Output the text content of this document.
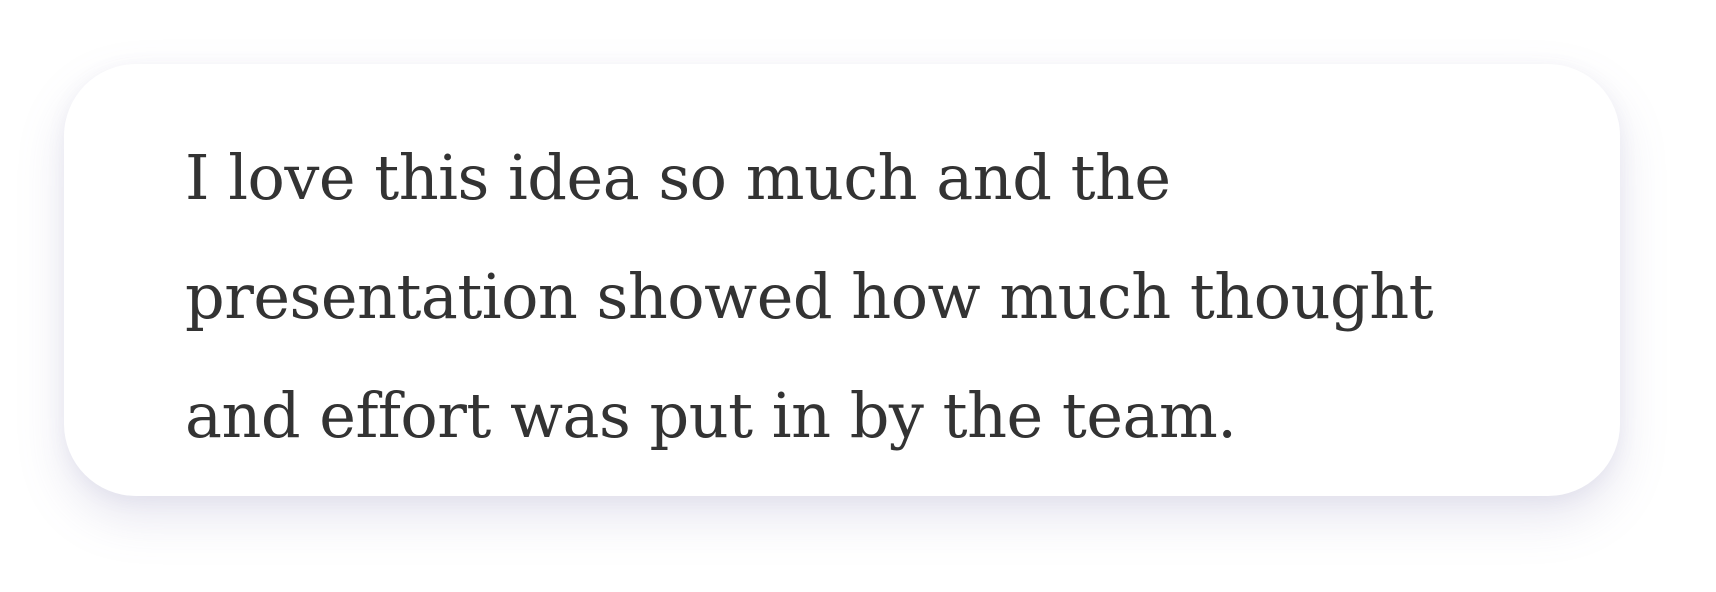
I love this idea so much and the
presentation showed how much thought
and effort was put in by the team.
